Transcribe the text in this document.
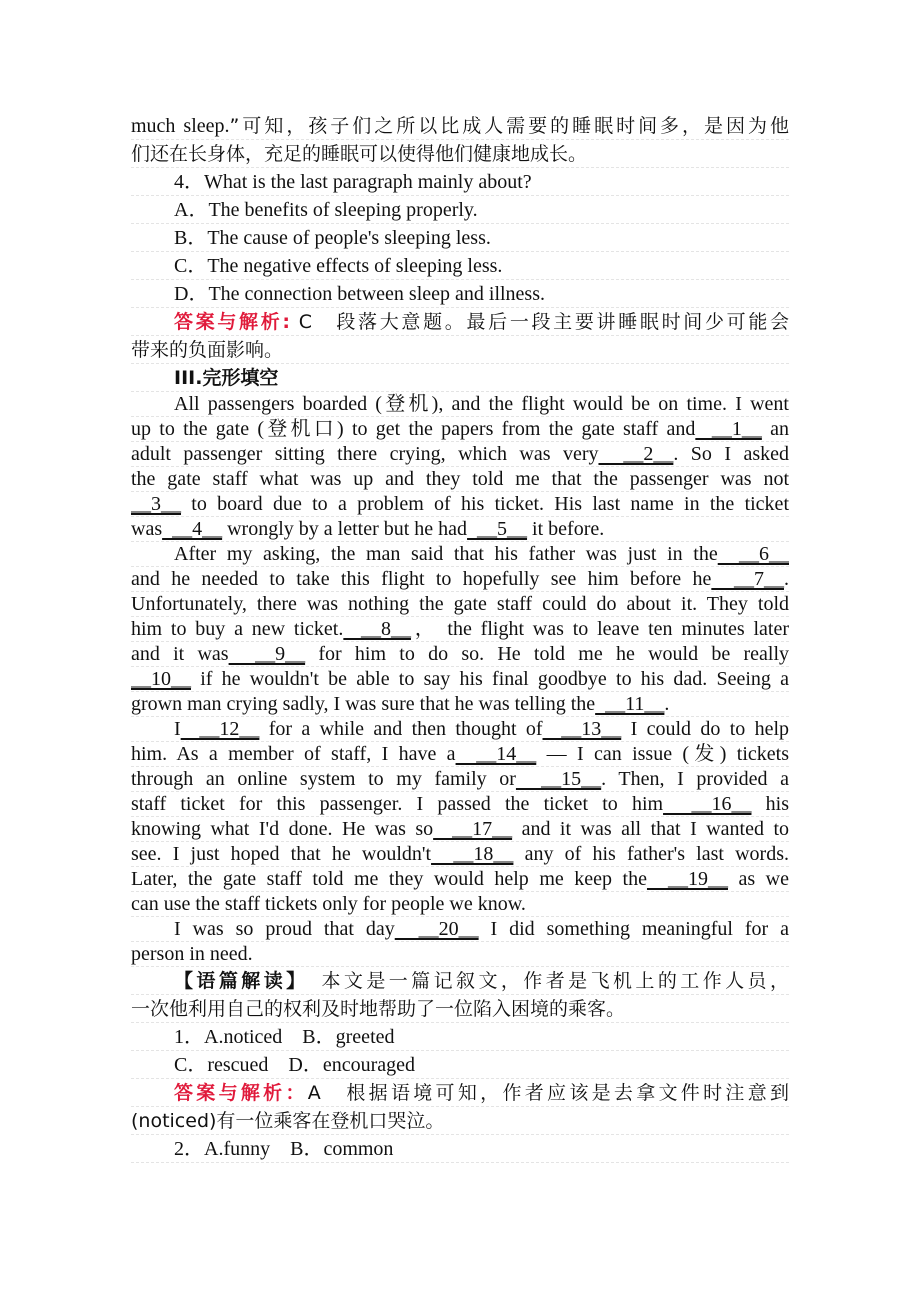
much sleep.”可知，孩子们之所以比成人需要的睡眠时间多，是因为他
们还在长身体，充足的睡眠可以使得他们健康地成长。
4．What is the last paragraph mainly about?
A．The benefits of sleeping properly.
B．The cause of people's sleeping less.
C．The negative effects of sleeping less.
D．The connection between sleep and illness.
答案与解析: C　段落大意题。最后一段主要讲睡眠时间少可能会
带来的负面影响。
III.完形填空
All passengers boarded (登机), and the flight would be on time. I went
up to the gate (登机口) to get the papers from the gate staff and  __1__ an
adult passenger sitting there crying, which was very  __2__. So I asked
the gate staff what was up and they told me that the passenger was not
__3__ to board due to a problem of his ticket. His last name in the ticket
was  __4__ wrongly by a letter but he had  __5__ it before.
After my asking, the man said that his father was just in the  __6__
and he needed to take this flight to hopefully see him before he  __7__.
Unfortunately, there was nothing the gate staff could do about it. They told
him to buy a new ticket.  __8__， the flight was to leave ten minutes later
and it was  __9__ for him to do so. He told me he would be really
__10__ if he wouldn't be able to say his final goodbye to his dad. Seeing a
grown man crying sadly, I was sure that he was telling the  __11__.
I  __12__ for a while and then thought of  __13__ I could do to help
him. As a member of staff, I have a  __14__ — I can issue (发) tickets
through an online system to my family or  __15__. Then, I provided a
staff ticket for this passenger. I passed the ticket to him  __16__ his
knowing what I'd done. He was so  __17__ and it was all that I wanted to
see. I just hoped that he wouldn't  __18__ any of his father's last words.
Later, the gate staff told me they would help me keep the  __19__ as we
can use the staff tickets only for people we know.
I was so proud that day  __20__ I did something meaningful for a
person in need.
【语篇解读】　本文是一篇记叙文，作者是飞机上的工作人员，
一次他利用自己的权利及时地帮助了一位陷入困境的乘客。
1．A.noticed　B．greeted
C．rescued　D．encouraged
答案与解析：A　根据语境可知，作者应该是去拿文件时注意到
(noticed)有一位乘客在登机口哭泣。
2．A.funny　B．common
